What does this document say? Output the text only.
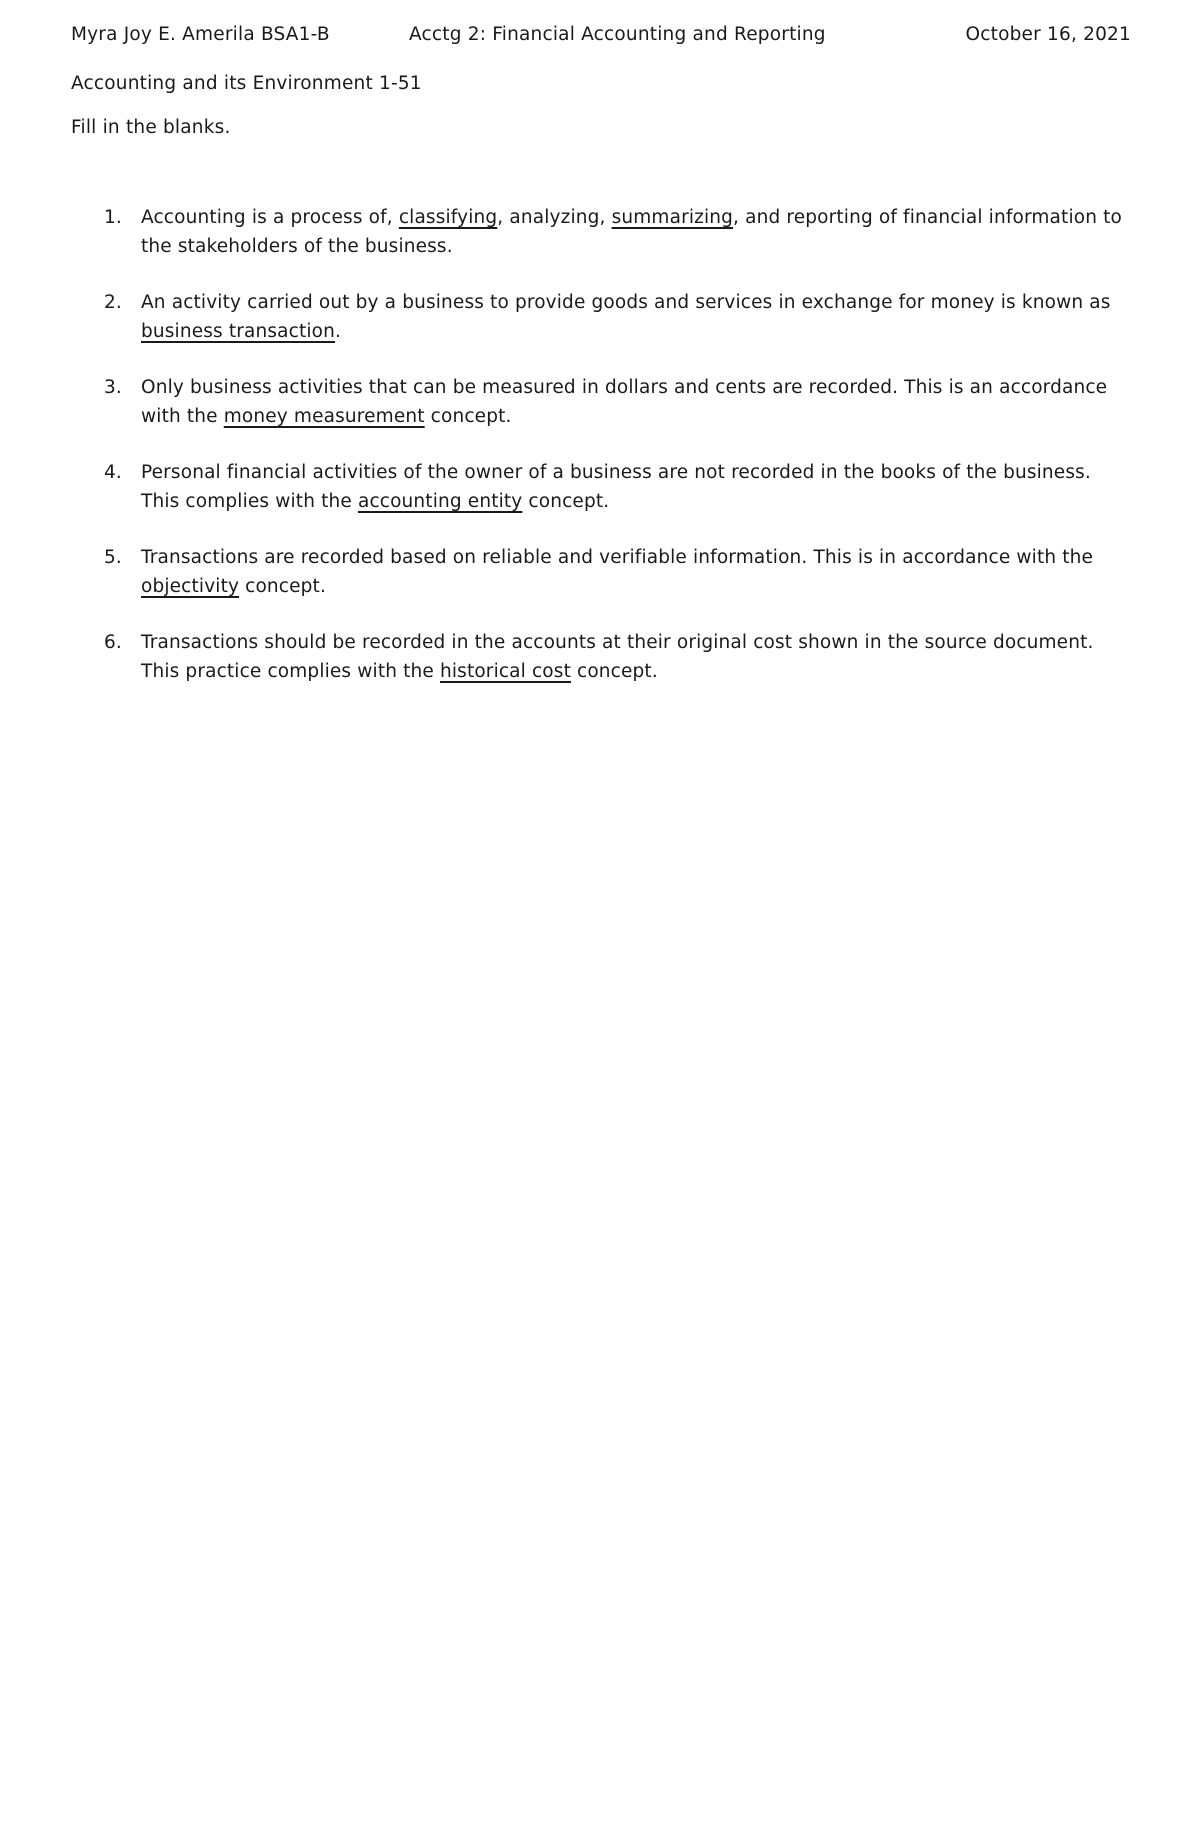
Myra Joy E. Amerila BSA1-B	Acctg 2: Financial Accounting and Reporting	October 16, 2021
Accounting and its Environment 1-51
Fill in the blanks.
1. Accounting is a process of, classifying, analyzing, summarizing, and reporting of financial information to the stakeholders of the business.
2. An activity carried out by a business to provide goods and services in exchange for money is known as business transaction.
3. Only business activities that can be measured in dollars and cents are recorded. This is an accordance with the money measurement concept.
4. Personal financial activities of the owner of a business are not recorded in the books of the business. This complies with the accounting entity concept.
5. Transactions are recorded based on reliable and verifiable information. This is in accordance with the objectivity concept.
6. Transactions should be recorded in the accounts at their original cost shown in the source document. This practice complies with the historical cost concept.
